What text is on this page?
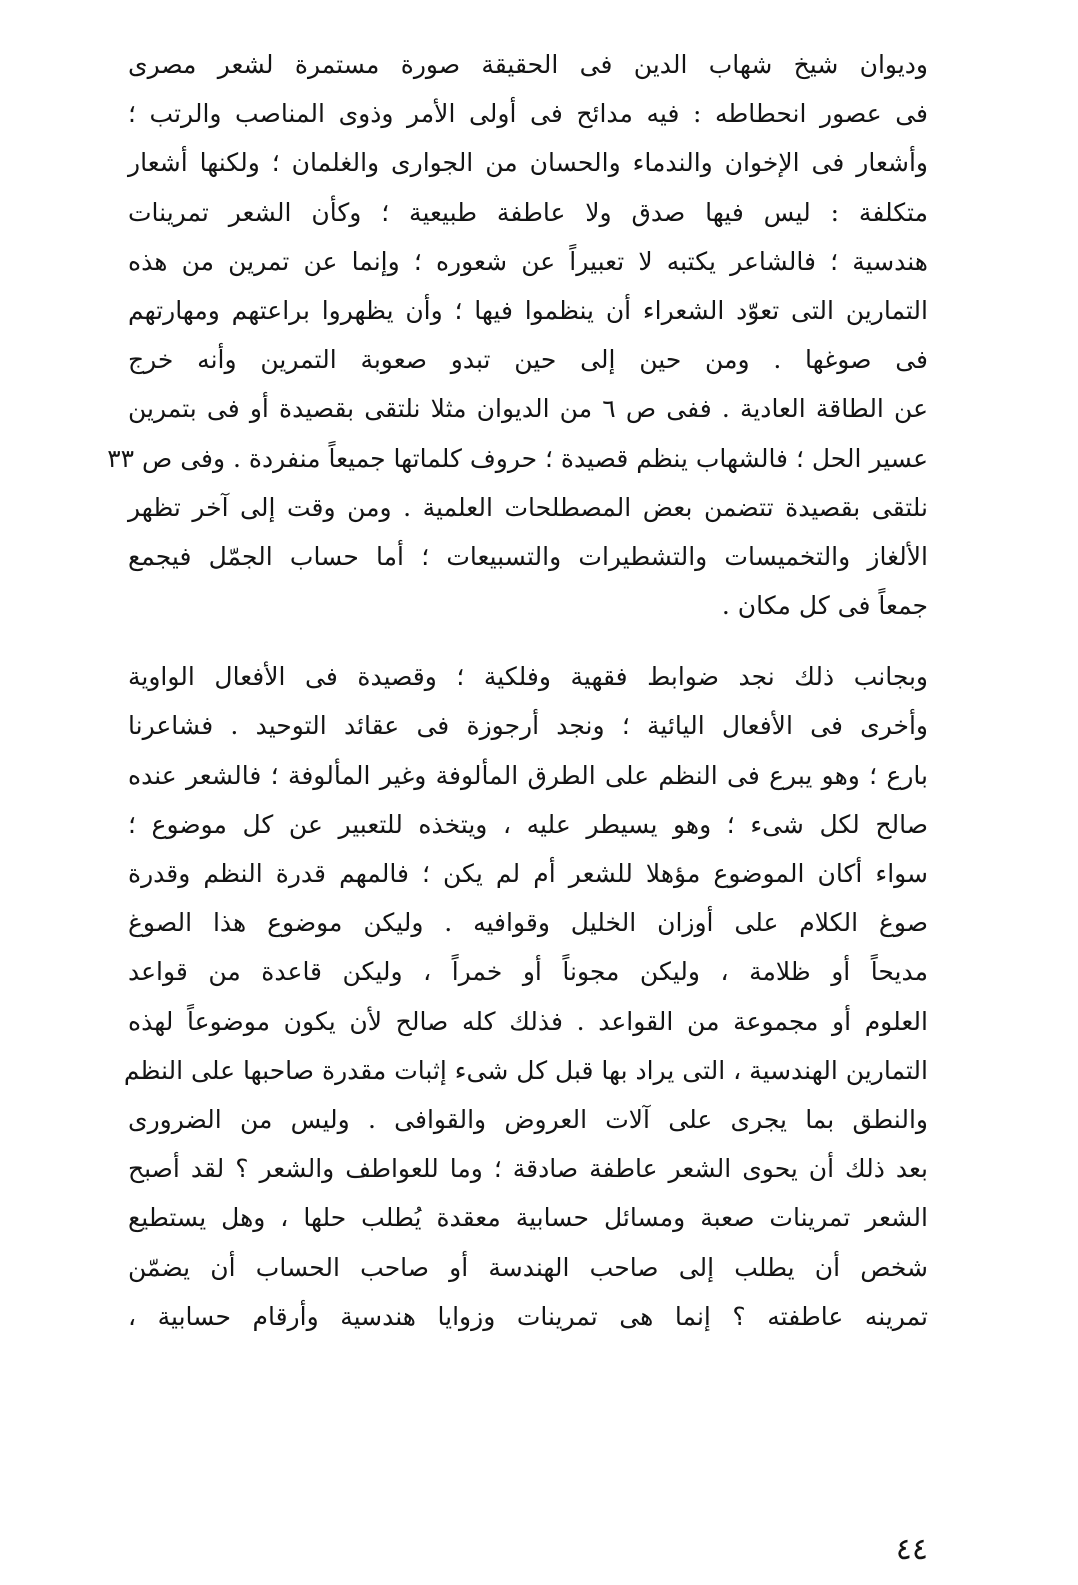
وديوان شيخ شهاب الدين فى الحقيقة صورة مستمرة لشعر مصرى
فى عصور انحطاطه : فيه مدائح فى أولى الأمر وذوى المناصب والرتب ؛
وأشعار فى الإخوان والندماء والحسان من الجوارى والغلمان ؛ ولكنها أشعار
متكلفة : ليس فيها صدق ولا عاطفة طبيعية ؛ وكأن الشعر تمرينات
هندسية ؛ فالشاعر يكتبه لا تعبيراً عن شعوره ؛ وإنما عن تمرين من هذه
التمارين التى تعوّد الشعراء أن ينظموا فيها ؛ وأن يظهروا براعتهم ومهارتهم
فى صوغها . ومن حين إلى حين تبدو صعوبة التمرين وأنه خرج
عن الطاقة العادية . ففى ص ٦ من الديوان مثلا نلتقى بقصيدة أو فى بتمرين
عسير الحل ؛ فالشهاب ينظم قصيدة ؛ حروف كلماتها جميعاً منفردة . وفى ص ٣٣
نلتقى بقصيدة تتضمن بعض المصطلحات العلمية . ومن وقت إلى آخر تظهر
الألغاز والتخميسات والتشطيرات والتسبيعات ؛ أما حساب الجمّل فيجمع
جمعاً فى كل مكان .
وبجانب ذلك نجد ضوابط فقهية وفلكية ؛ وقصيدة فى الأفعال الواوية
وأخرى فى الأفعال اليائية ؛ ونجد أرجوزة فى عقائد التوحيد . فشاعرنا
بارع ؛ وهو يبرع فى النظم على الطرق المألوفة وغير المألوفة ؛ فالشعر عنده
صالح لكل شىء ؛ وهو يسيطر عليه ، ويتخذه للتعبير عن كل موضوع ؛
سواء أكان الموضوع مؤهلا للشعر أم لم يكن ؛ فالمهم قدرة النظم وقدرة
صوغ الكلام على أوزان الخليل وقوافيه . وليكن موضوع هذا الصوغ
مديحاً أو ظلامة ، وليكن مجوناً أو خمراً ، وليكن قاعدة من قواعد
العلوم أو مجموعة من القواعد . فذلك كله صالح لأن يكون موضوعاً لهذه
التمارين الهندسية ، التى يراد بها قبل كل شىء إثبات مقدرة صاحبها على النظم
والنطق بما يجرى على آلات العروض والقوافى . وليس من الضرورى
بعد ذلك أن يحوى الشعر عاطفة صادقة ؛ وما للعواطف والشعر ؟ لقد أصبح
الشعر تمرينات صعبة ومسائل حسابية معقدة يُطلب حلها ، وهل يستطيع
شخص أن يطلب إلى صاحب الهندسة أو صاحب الحساب أن يضمّن
تمرينه عاطفته ؟ إنما هى تمرينات وزوايا هندسية وأرقام حسابية ،
٤٤
